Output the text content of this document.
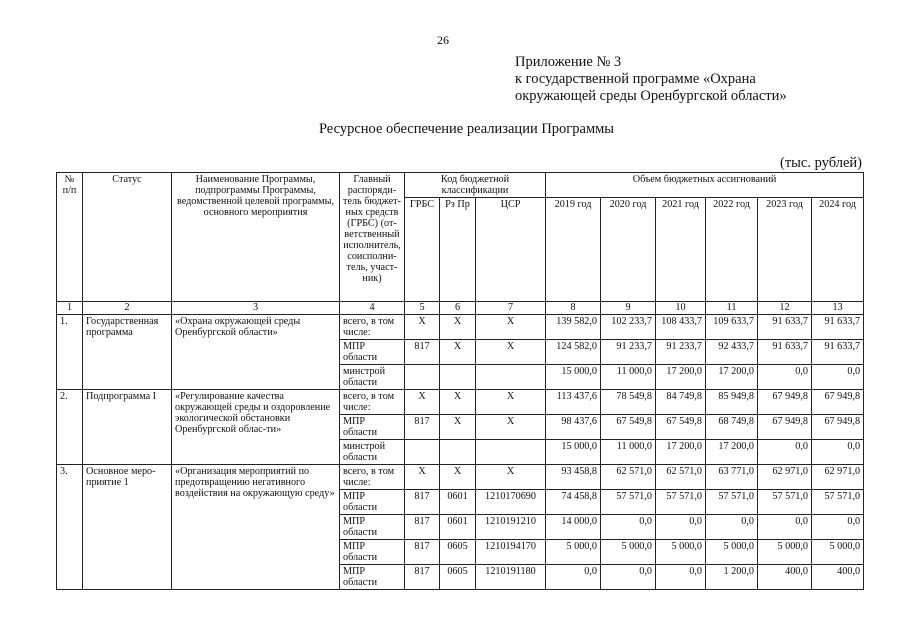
26
Приложение № 3
к государственной программе «Охрана
окружающей среды Оренбургской области»
Ресурсное обеспечение реализации Программы
(тыс. рублей)
№ п/п	Статус	Наименование Программы, подпрограммы Программы, ведомственной целевой программы, основного мероприятия	Главный распоряди-тель бюджет-ных средств (ГРБС) (от-ветственный исполнитель, соисполни-тель, участ-ник)	Код бюджетной классификации			Объем бюджетных ассигнований					
				ГРБС	Рз Пр	ЦСР	2019 год	2020 год	2021 год	2022 год	2023 год	2024 год
1	2	3	4	5	6	7	8	9	10	11	12	13
1.	Государственная программа	«Охрана окружающей среды Оренбургской области»	всего, в том числе:	X	X	X	139 582,0	102 233,7	108 433,7	109 633,7	91 633,7	91 633,7
			МПР области	817	X	X	124 582,0	91 233,7	91 233,7	92 433,7	91 633,7	91 633,7
			минстрой области				15 000,0	11 000,0	17 200,0	17 200,0	0,0	0,0
2.	Подпрограмма I	«Регулирование качества окружающей среды и оздоровление экологической обстановки Оренбургской облас-ти»	всего, в том числе:	X	X	X	113 437,6	78 549,8	84 749,8	85 949,8	67 949,8	67 949,8
			МПР области	817	X	X	98 437,6	67 549,8	67 549,8	68 749,8	67 949,8	67 949,8
			минстрой области				15 000,0	11 000,0	17 200,0	17 200,0	0,0	0,0
3.	Основное меро-приятие 1	«Организация мероприятий по предотвращению негативного воздействия на окружающую среду»	всего, в том числе:	X	X	X	93 458,8	62 571,0	62 571,0	63 771,0	62 971,0	62 971,0
			МПР области	817	0601	1210170690	74 458,8	57 571,0	57 571,0	57 571,0	57 571,0	57 571,0
			МПР области	817	0601	1210191210	14 000,0	0,0	0,0	0,0	0,0	0,0
			МПР области	817	0605	1210194170	5 000,0	5 000,0	5 000,0	5 000,0	5 000,0	5 000,0
			МПР области	817	0605	1210191180	0,0	0,0	0,0	1 200,0	400,0	400,0
